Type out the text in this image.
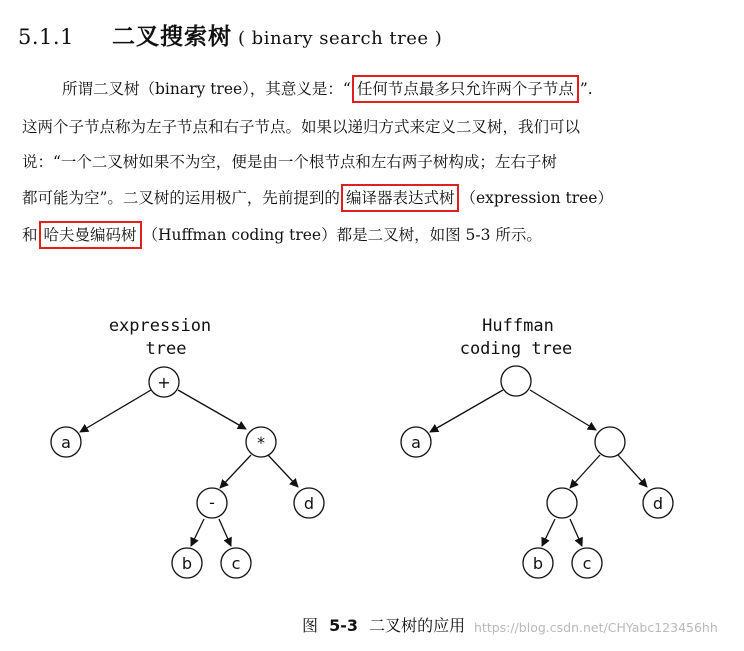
5.1.1 二叉搜索树 ( binary search tree )
所谓二叉树（binary tree），其意义是：“ 任何节点最多只允许两个子节点 ”.
这两个子节点称为左子节点和右子节点。如果以递归方式来定义二叉树，我们可以
说：“一个二叉树如果不为空，便是由一个根节点和左右两子树构成；左右子树
都可能为空”。二叉树的运用极广，先前提到的 编译器表达式树 （expression tree）
和 哈夫曼编码树 （Huffman coding tree）都是二叉树，如图 5-3 所示。
expression
tree
+
a	*
-	d
b c
Huffman
coding tree
a
d
b c
图 5-3 二叉树的应用 https://blog.csdn.net/CHYabc123456hh
